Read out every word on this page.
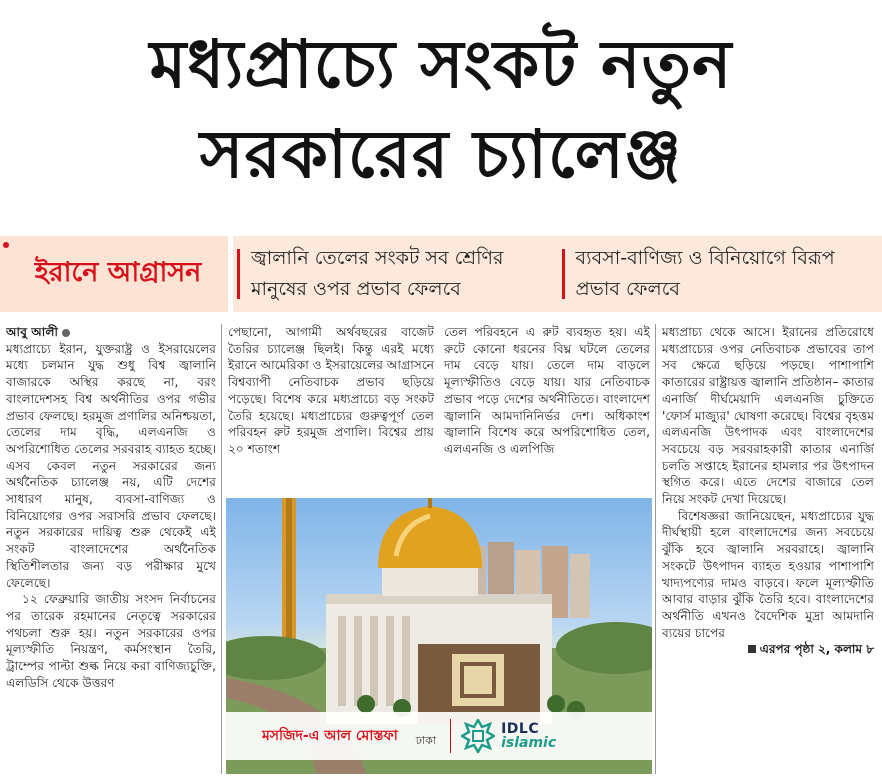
মধ্যপ্রাচ্যে সংকট নতুন
সরকারের চ্যালেঞ্জ
ইরানে আগ্রাসন	জ্বালানি তেলের সংকট সব শ্রেণির মানুষের ওপর প্রভাব ফেলবে
ব্যবসা-বাণিজ্য ও বিনিয়োগে বিরূপ প্রভাব ফেলবে

আবু আলী
মধ্যপ্রাচ্যে ইরান, যুক্তরাষ্ট্র ও ইসরায়েলের মধ্যে চলমান যুদ্ধ শুধু বিশ্ব জ্বালানি বাজারকে অস্থির করছে না, বরং বাংলাদেশসহ বিশ্ব অর্থনীতির ওপর গভীর প্রভাব ফেলছে। হরমুজ প্রণালির অনিশ্চয়তা, তেলের দাম বৃদ্ধি, এলএনজি ও অপরিশোধিত তেলের সরবরাহ ব্যাহত হচ্ছে। এসব কেবল নতুন সরকারের জন্য অর্থনৈতিক চ্যালেঞ্জ নয়, এটি দেশের সাধারণ মানুষ, ব্যবসা-বাণিজ্য ও বিনিয়োগের ওপর সরাসরি প্রভাব ফেলছে। নতুন সরকারের দায়িত্ব শুরু থেকেই এই সংকট বাংলাদেশের অর্থনৈতিক স্থিতিশীলতার জন্য বড় পরীক্ষার মুখে ফেলেছে।

১২ ফেব্রুয়ারি জাতীয় সংসদ নির্বাচনের পর তারেক রহমানের নেতৃত্বে সরকারের পথচলা শুরু হয়। নতুন সরকারের ওপর মূল্যস্ফীতি নিয়ন্ত্রণ, কর্মসংস্থান তৈরি, ট্রাম্পের পাল্টা শুল্ক নিয়ে করা বাণিজ্যচুক্তি, এলডিসি থেকে উত্তরণ

পেছানো, আগামী অর্থবছরের বাজেট তৈরির চ্যালেঞ্জ ছিলই। কিন্তু এরই মধ্যে ইরানে আমেরিকা ও ইসরায়েলের আগ্রাসনে বিশ্বব্যাপী নেতিবাচক প্রভাব ছড়িয়ে পড়েছে। বিশেষ করে মধ্যপ্রাচ্যে বড় সংকট তৈরি হয়েছে। মধ্যপ্রাচ্যের গুরুত্বপূর্ণ তেল পরিবহন রুট হরমুজ প্রণালি। বিশ্বের প্রায় ২০ শতাংশ

তেল পরিবহনে এ রুট ব্যবহৃত হয়। এই রুটে কোনো ধরনের বিঘ্ন ঘটলে তেলের দাম বেড়ে যায়। তেলে দাম বাড়লে মূল্যস্ফীতিও বেড়ে যায়। যার নেতিবাচক প্রভাব পড়ে দেশের অর্থনীতিতে। বাংলাদেশ জ্বালানি আমদানিনির্ভর দেশ। অধিকাংশ জ্বালানি বিশেষ করে অপরিশোধিত তেল, এলএনজি ও এলপিজি

মধ্যপ্রাচ্য থেকে আসে। ইরানের প্রতিরোধে মধ্যপ্রাচ্যের ওপর নেতিবাচক প্রভাবের তাপ সব ক্ষেত্রে ছড়িয়ে পড়ছে। পাশাপাশি কাতারের রাষ্ট্রায়ত্ত জ্বালানি প্রতিষ্ঠান– কাতার এনার্জি দীর্ঘমেয়াদি এলএনজি চুক্তিতে 'ফোর্স মাজ্যুর' ঘোষণা করেছে। বিশ্বের বৃহত্তম এলএনজি উৎপাদক এবং বাংলাদেশের সবচেয়ে বড় সরবরাহকারী কাতার এনার্জি চলতি সপ্তাহে ইরানের হামলার পর উৎপাদন স্থগিত করে। এতে দেশের বাজারে তেল নিয়ে সংকট দেখা দিয়েছে।

বিশেষজ্ঞরা জানিয়েছেন, মধ্যপ্রাচ্যের যুদ্ধ দীর্ঘস্থায়ী হলে বাংলাদেশের জন্য সবচেয়ে ঝুঁকি হবে জ্বালানি সরবরাহে। জ্বালানি সংকটে উৎপাদন ব্যাহত হওয়ার পাশাপাশি খাদ্যপণ্যের দামও বাড়বে। ফলে মূল্যস্ফীতি আবার বাড়ার ঝুঁকি তৈরি হবে। বাংলাদেশের অর্থনীতি এখনও বৈদেশিক মুদ্রা আমদানি ব্যয়ের চাপের

এরপর পৃষ্ঠা ২, কলাম ৮

মসজিদ-এ আল মোস্তফা ঢাকা
IDLC
islamic
